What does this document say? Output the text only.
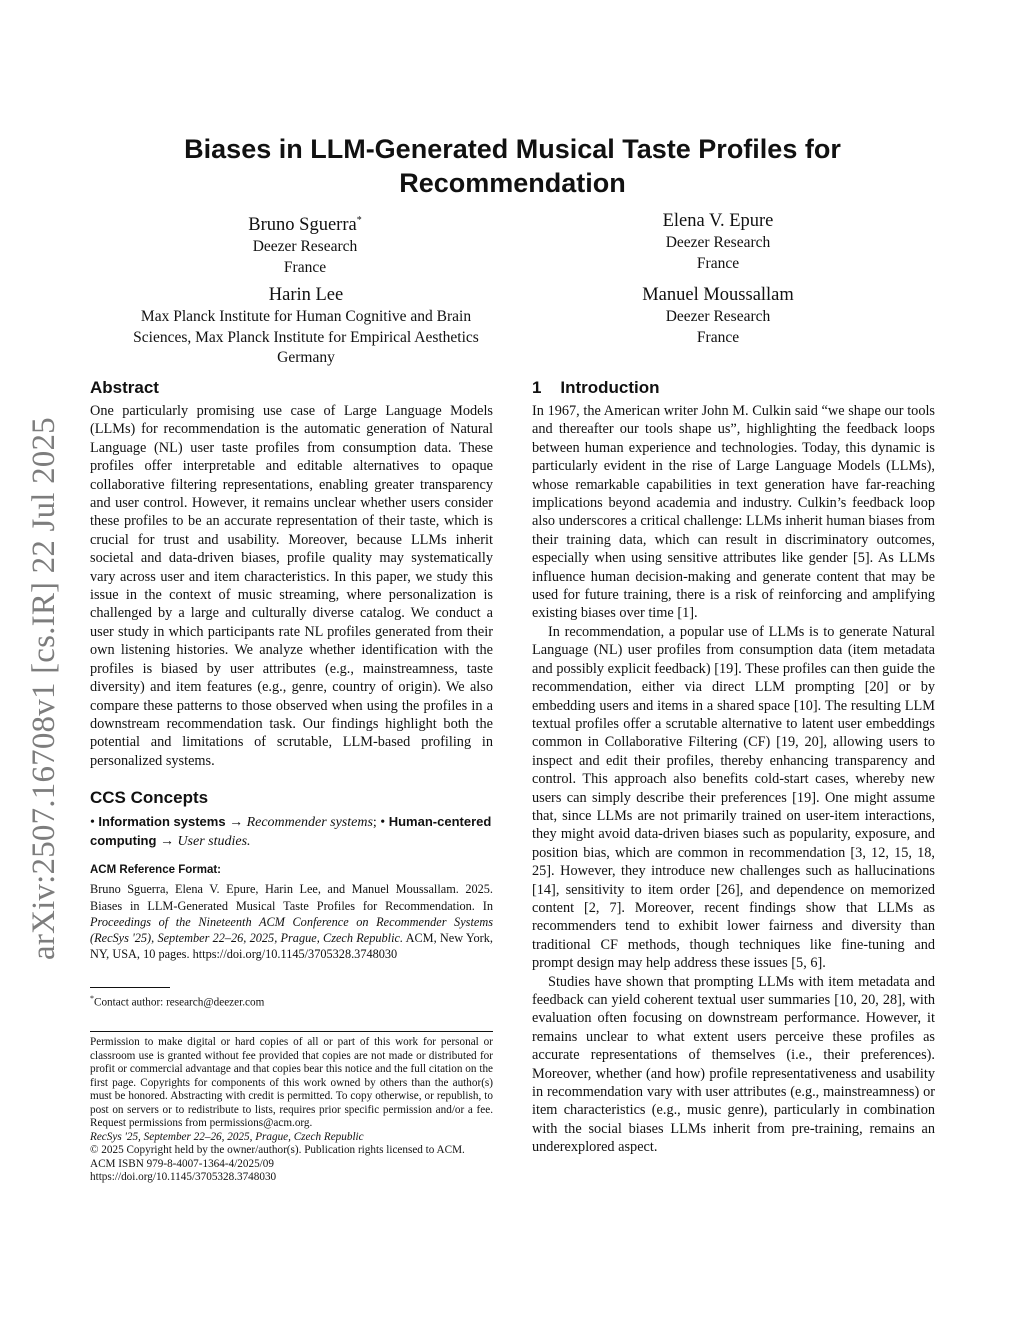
arXiv:2507.16708v1 [cs.IR] 22 Jul 2025
Biases in LLM-Generated Musical Taste Profiles for
Recommendation
Bruno Sguerra*
Deezer Research
France
Elena V. Epure
Deezer Research
France
Harin Lee
Max Planck Institute for Human Cognitive and Brain
Sciences, Max Planck Institute for Empirical Aesthetics
Germany
Manuel Moussallam
Deezer Research
France
Abstract

One particularly promising use case of Large Language Models (LLMs) for recommendation is the automatic generation of Natural Language (NL) user taste profiles from consumption data. These profiles offer interpretable and editable alternatives to opaque collaborative filtering representations, enabling greater transparency and user control. However, it remains unclear whether users consider these profiles to be an accurate representation of their taste, which is crucial for trust and usability. Moreover, because LLMs inherit societal and data-driven biases, profile quality may systematically vary across user and item characteristics. In this paper, we study this issue in the context of music streaming, where personalization is challenged by a large and culturally diverse catalog. We conduct a user study in which participants rate NL profiles generated from their own listening histories. We analyze whether identification with the profiles is biased by user attributes (e.g., mainstreamness, taste diversity) and item features (e.g., genre, country of origin). We also compare these patterns to those observed when using the profiles in a downstream recommendation task. Our findings highlight both the potential and limitations of scrutable, LLM-based profiling in personalized systems.

CCS Concepts
• Information systems → Recommender systems; • Human-centered computing → User studies.
ACM Reference Format:
Bruno Sguerra, Elena V. Epure, Harin Lee, and Manuel Moussallam. 2025. Biases in LLM-Generated Musical Taste Profiles for Recommendation. In Proceedings of the Nineteenth ACM Conference on Recommender Systems (RecSys '25), September 22–26, 2025, Prague, Czech Republic. ACM, New York, NY, USA, 10 pages. https://doi.org/10.1145/3705328.3748030
*Contact author: research@deezer.com

Permission to make digital or hard copies of all or part of this work for personal or classroom use is granted without fee provided that copies are not made or distributed for profit or commercial advantage and that copies bear this notice and the full citation on the first page. Copyrights for components of this work owned by others than the author(s) must be honored. Abstracting with credit is permitted. To copy otherwise, or republish, to post on servers or to redistribute to lists, requires prior specific permission and/or a fee. Request permissions from permissions@acm.org.

RecSys '25, September 22–26, 2025, Prague, Czech Republic

© 2025 Copyright held by the owner/author(s). Publication rights licensed to ACM.

ACM ISBN 979-8-4007-1364-4/2025/09

https://doi.org/10.1145/3705328.3748030

1    Introduction

In 1967, the American writer John M. Culkin said “we shape our tools and thereafter our tools shape us”, highlighting the feedback loops between human experience and technologies. Today, this dynamic is particularly evident in the rise of Large Language Models (LLMs), whose remarkable capabilities in text generation have far-reaching implications beyond academia and industry. Culkin’s feedback loop also underscores a critical challenge: LLMs inherit human biases from their training data, which can result in discriminatory outcomes, especially when using sensitive attributes like gender [5]. As LLMs influence human decision-making and generate content that may be used for future training, there is a risk of reinforcing and amplifying existing biases over time [1].

In recommendation, a popular use of LLMs is to generate Natural Language (NL) user profiles from consumption data (item metadata and possibly explicit feedback) [19]. These profiles can then guide the recommendation, either via direct LLM prompting [20] or by embedding users and items in a shared space [10]. The resulting LLM textual profiles offer a scrutable alternative to latent user embeddings common in Collaborative Filtering (CF) [19, 20], allowing users to inspect and edit their profiles, thereby enhancing transparency and control. This approach also benefits cold-start cases, whereby new users can simply describe their preferences [19]. One might assume that, since LLMs are not primarily trained on user-item interactions, they might avoid data-driven biases such as popularity, exposure, and position bias, which are common in recommendation [3, 12, 15, 18, 25]. However, they introduce new challenges such as hallucinations [14], sensitivity to item order [26], and dependence on memorized content [2, 7]. Moreover, recent findings show that LLMs as recommenders tend to exhibit lower fairness and diversity than traditional CF methods, though techniques like fine-tuning and prompt design may help address these issues [5, 6].

Studies have shown that prompting LLMs with item metadata and feedback can yield coherent textual user summaries [10, 20, 28], with evaluation often focusing on downstream performance. However, it remains unclear to what extent users perceive these profiles as accurate representations of themselves (i.e., their preferences). Moreover, whether (and how) profile representativeness and usability in recommendation vary with user attributes (e.g., mainstreamness) or item characteristics (e.g., music genre), particularly in combination with the social biases LLMs inherit from pre-training, remains an underexplored aspect.
